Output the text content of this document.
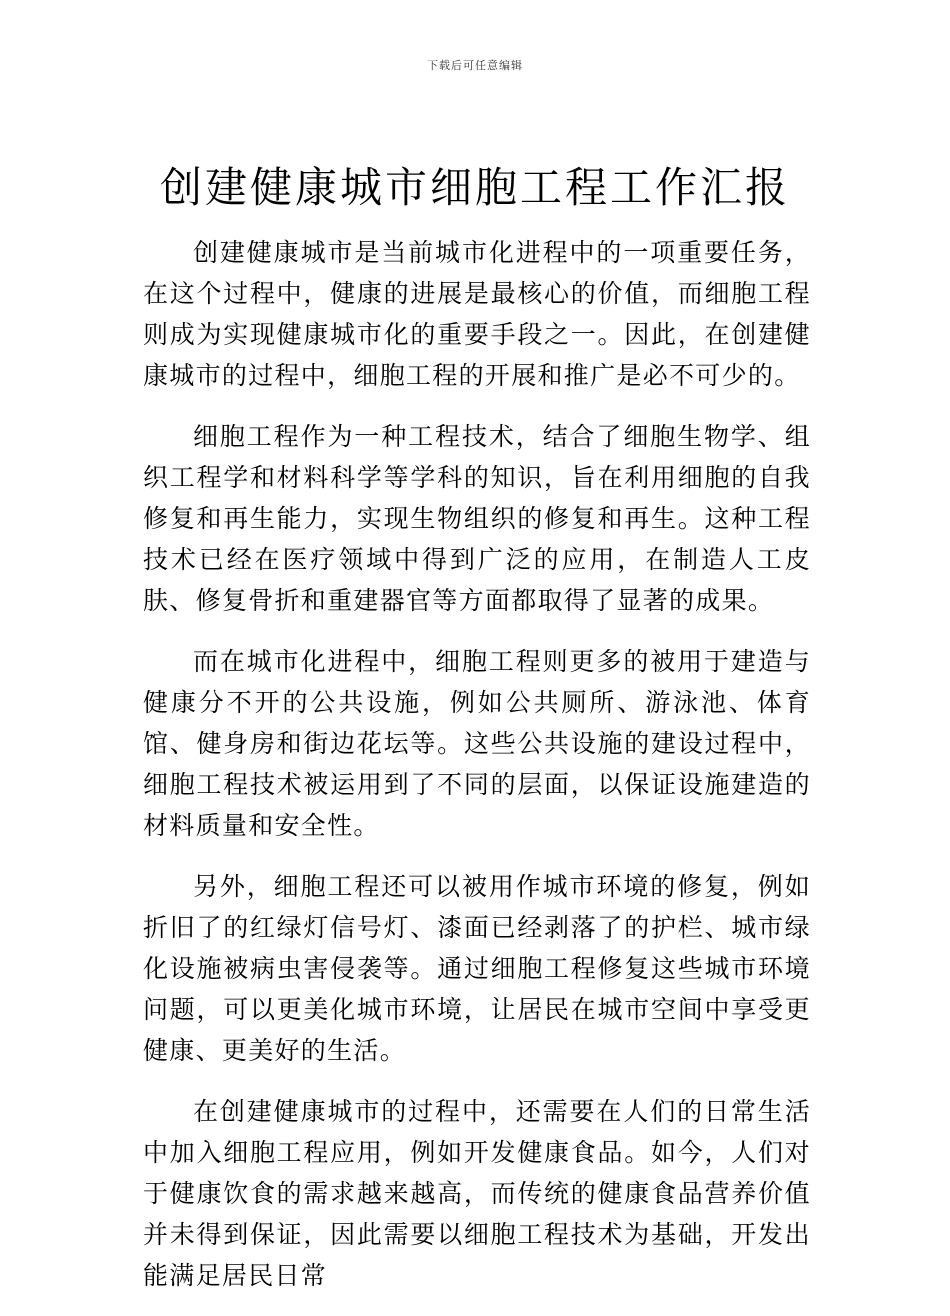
下载后可任意编辑
创建健康城市细胞工程工作汇报

创建健康城市是当前城市化进程中的一项重要任务，在这个过程中，健康的进展是最核心的价值，而细胞工程则成为实现健康城市化的重要手段之一。因此，在创建健康城市的过程中，细胞工程的开展和推广是必不可少的。

细胞工程作为一种工程技术，结合了细胞生物学、组织工程学和材料科学等学科的知识，旨在利用细胞的自我修复和再生能力，实现生物组织的修复和再生。这种工程技术已经在医疗领域中得到广泛的应用，在制造人工皮肤、修复骨折和重建器官等方面都取得了显著的成果。

而在城市化进程中，细胞工程则更多的被用于建造与健康分不开的公共设施，例如公共厕所、游泳池、体育馆、健身房和街边花坛等。这些公共设施的建设过程中，细胞工程技术被运用到了不同的层面，以保证设施建造的材料质量和安全性。

另外，细胞工程还可以被用作城市环境的修复，例如折旧了的红绿灯信号灯、漆面已经剥落了的护栏、城市绿化设施被病虫害侵袭等。通过细胞工程修复这些城市环境问题，可以更美化城市环境，让居民在城市空间中享受更健康、更美好的生活。

在创建健康城市的过程中，还需要在人们的日常生活中加入细胞工程应用，例如开发健康食品。如今，人们对于健康饮食的需求越来越高，而传统的健康食品营养价值并未得到保证，因此需要以细胞工程技术为基础，开发出能满足居民日常
